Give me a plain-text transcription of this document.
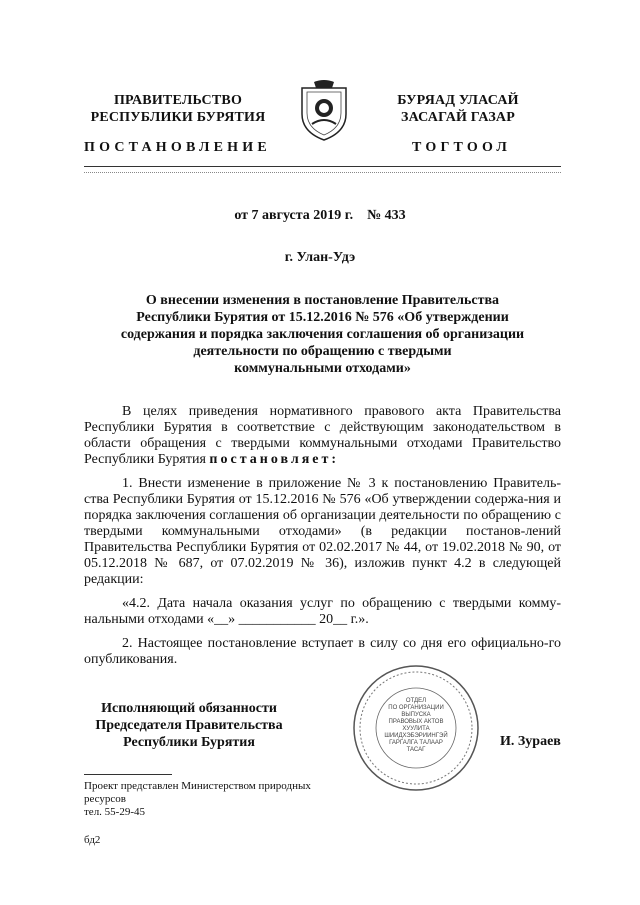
ПРАВИТЕЛЬСТВО
РЕСПУБЛИКИ БУРЯТИЯ
БУРЯАД УЛАСАЙ
ЗАСАГАЙ ГАЗАР
ПОСТАНОВЛЕНИЕ	ТОГТООЛ
от 7 августа 2019 г.    № 433
г. Улан-Удэ
О внесении изменения в постановление Правительства
Республики Бурятия от 15.12.2016 № 576 «Об утверждении
содержания и порядка заключения соглашения об организации
деятельности по обращению с твердыми
коммунальными отходами»
В целях приведения нормативного правового акта Правительства Республики Бурятия в соответствие с действующим законодательством в области обращения с твердыми коммунальными отходами Правительство Республики Бурятия постановляет:
1. Внести изменение в приложение № 3 к постановлению Правитель-ства Республики Бурятия от 15.12.2016 № 576 «Об утверждении содержа-ния и порядка заключения соглашения об организации деятельности по обращению с твердыми коммунальными отходами» (в редакции постанов-лений Правительства Республики Бурятия от 02.02.2017 № 44, от 19.02.2018 № 90, от 05.12.2018 № 687, от 07.02.2019 № 36), изложив пункт 4.2 в следующей редакции:
«4.2. Дата начала оказания услуг по обращению с твердыми комму-нальными отходами «__» ___________ 20__ г.».
2. Настоящее постановление вступает в силу со дня его официально-го опубликования.
Исполняющий обязанности
Председателя Правительства
Республики Бурятия
ОТДЕЛ
ПО ОРГАНИЗАЦИИ
ВЫПУСКА
ПРАВОВЫХ АКТОВ
ХУУЛИТА
ШИИДХЭБЭРИИНГЭЙ
ГАРГАЛГА ТАЛААР
ТАСАГ
И. Зураев
Проект представлен Министерством природных
ресурсов
тел. 55-29-45
бд2
